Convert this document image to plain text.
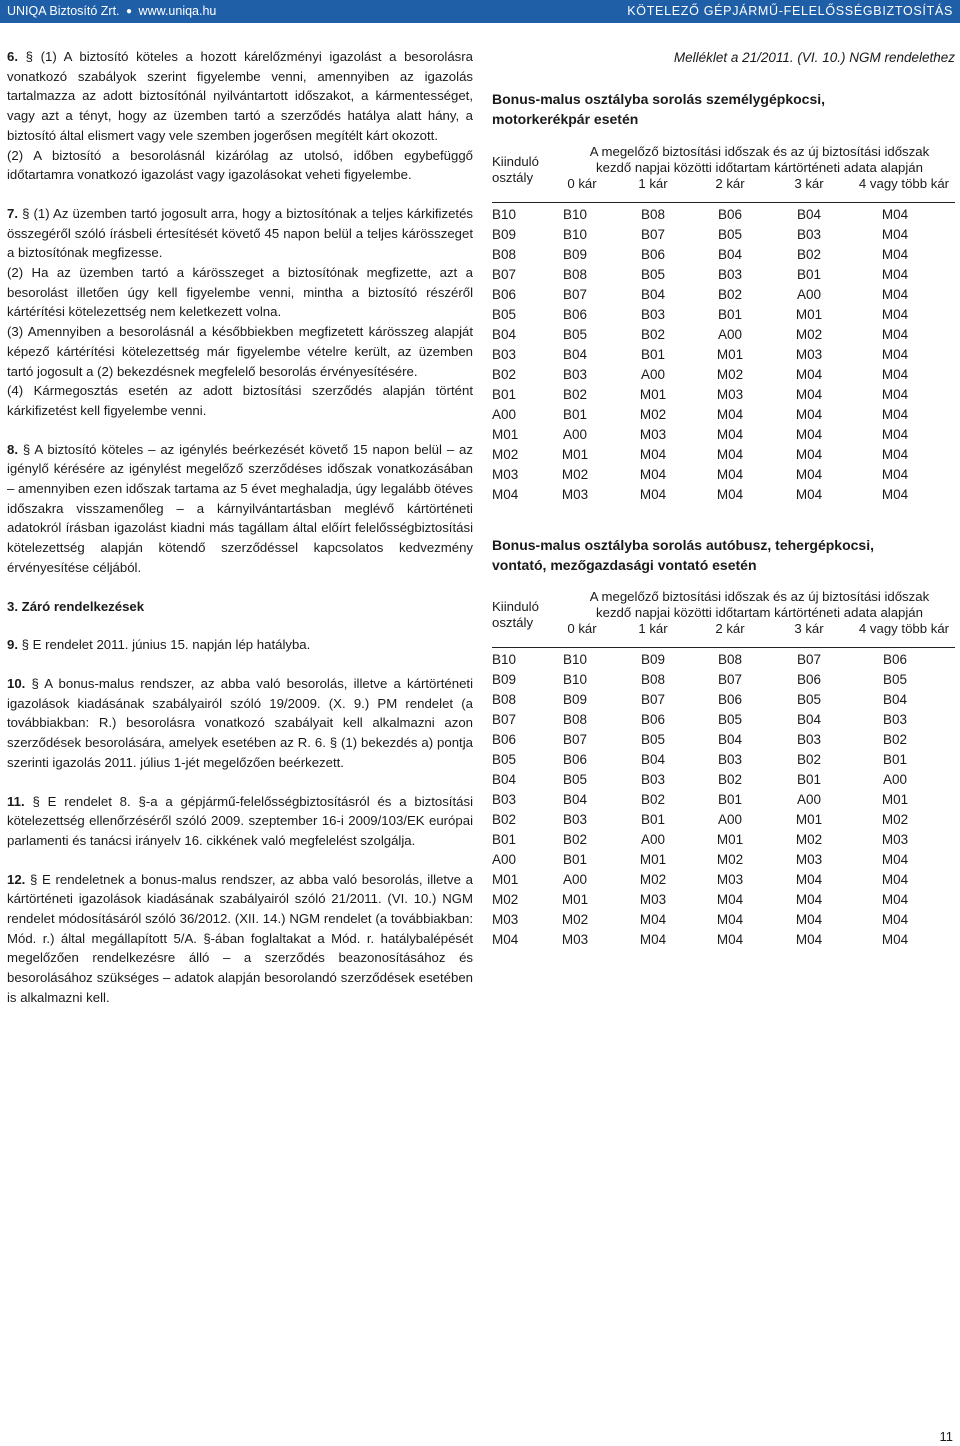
UNIQA Biztosító Zrt. ● www.uniqa.hu	KÖTELEZŐ GÉPJÁRMŰ-FELELŐSSÉGBIZTOSÍTÁS

6. § (1) A biztosító köteles a hozott kárelőzményi igazolást a besorolásra vonatkozó szabályok szerint figyelembe venni, amennyiben az igazolás tartalmazza az adott biztosítónál nyilvántartott időszakot, a kármentességet, vagy azt a tényt, hogy az üzemben tartó a szerződés hatálya alatt hány, a biztosító által elismert vagy vele szemben jogerősen megítélt kárt okozott.

(2) A biztosító a besorolásnál kizárólag az utolsó, időben egybefüggő időtartamra vonatkozó igazolást vagy igazolásokat veheti figyelembe.

7. § (1) Az üzemben tartó jogosult arra, hogy a biztosítónak a teljes kárkifizetés összegéről szóló írásbeli értesítését követő 45 napon belül a teljes kárösszeget a biztosítónak megfizesse.

(2) Ha az üzemben tartó a kárösszeget a biztosítónak megfizette, azt a besorolást illetően úgy kell figyelembe venni, mintha a biztosító részéről kártérítési kötelezettség nem keletkezett volna.

(3) Amennyiben a besorolásnál a későbbiekben megfizetett kárösszeg alapját képező kártérítési kötelezettség már figyelembe vételre került, az üzemben tartó jogosult a (2) bekezdésnek megfelelő besorolás érvényesítésére.

(4) Kármegosztás esetén az adott biztosítási szerződés alapján történt kárkifizetést kell figyelembe venni.

8. § A biztosító köteles – az igénylés beérkezését követő 15 napon belül – az igénylő kérésére az igénylést megelőző szerződéses időszak vonatkozásában – amennyiben ezen időszak tartama az 5 évet meghaladja, úgy legalább ötéves időszakra visszamenőleg – a kárnyilvántartásban meglévő kártörténeti adatokról írásban igazolást kiadni más tagállam által előírt felelősségbiztosítási kötelezettség alapján kötendő szerződéssel kapcsolatos kedvezmény érvényesítése céljából.

3. Záró rendelkezések

9. § E rendelet 2011. június 15. napján lép hatályba.

10. § A bonus-malus rendszer, az abba való besorolás, illetve a kártörténeti igazolások kiadásának szabályairól szóló 19/2009. (X. 9.) PM rendelet (a továbbiakban: R.) besorolásra vonatkozó szabályait kell alkalmazni azon szerződések besorolására, amelyek esetében az R. 6. § (1) bekezdés a) pontja szerinti igazolás 2011. július 1-jét megelőzően beérkezett.

11. § E rendelet 8. §-a a gépjármű-felelősségbiztosításról és a biztosítási kötelezettség ellenőrzéséről szóló 2009. szeptember 16-i 2009/103/EK európai parlamenti és tanácsi irányelv 16. cikkének való megfelelést szolgálja.

12. § E rendeletnek a bonus-malus rendszer, az abba való besorolás, illetve a kártörténeti igazolások kiadásának szabályairól szóló 21/2011. (VI. 10.) NGM rendelet módosításáról szóló 36/2012. (XII. 14.) NGM rendelet (a továbbiakban: Mód. r.) által megállapított 5/A. §-ában foglaltakat a Mód. r. hatálybalépését megelőzően rendelkezésre álló – a szerződés beazonosításához és besorolásához szükséges – adatok alapján besorolandó szerződések esetében is alkalmazni kell.

Melléklet a 21/2011. (VI. 10.) NGM rendelethez

Bonus-malus osztályba sorolás személygépkocsi,

motorkerékpár esetén

Kiinduló
osztály
A megelőző biztosítási időszak és az új biztosítási időszak
kezdő napjai közötti időtartam kártörténeti adata alapján
0 kár	1 kár	2 kár	3 kár	4 vagy több kár
B10	B10	B08	B06	B04	M04
B09	B10	B07	B05	B03	M04
B08	B09	B06	B04	B02	M04
B07	B08	B05	B03	B01	M04
B06	B07	B04	B02	A00	M04
B05	B06	B03	B01	M01	M04
B04	B05	B02	A00	M02	M04
B03	B04	B01	M01	M03	M04
B02	B03	A00	M02	M04	M04
B01	B02	M01	M03	M04	M04
A00	B01	M02	M04	M04	M04
M01	A00	M03	M04	M04	M04
M02	M01	M04	M04	M04	M04
M03	M02	M04	M04	M04	M04
M04	M03	M04	M04	M04	M04

Bonus-malus osztályba sorolás autóbusz, tehergépkocsi,

vontató, mezőgazdasági vontató esetén

Kiinduló
osztály
A megelőző biztosítási időszak és az új biztosítási időszak
kezdő napjai közötti időtartam kártörténeti adata alapján
0 kár	1 kár	2 kár	3 kár	4 vagy több kár
B10	B10	B09	B08	B07	B06
B09	B10	B08	B07	B06	B05
B08	B09	B07	B06	B05	B04
B07	B08	B06	B05	B04	B03
B06	B07	B05	B04	B03	B02
B05	B06	B04	B03	B02	B01
B04	B05	B03	B02	B01	A00
B03	B04	B02	B01	A00	M01
B02	B03	B01	A00	M01	M02
B01	B02	A00	M01	M02	M03
A00	B01	M01	M02	M03	M04
M01	A00	M02	M03	M04	M04
M02	M01	M03	M04	M04	M04
M03	M02	M04	M04	M04	M04
M04	M03	M04	M04	M04	M04
11
